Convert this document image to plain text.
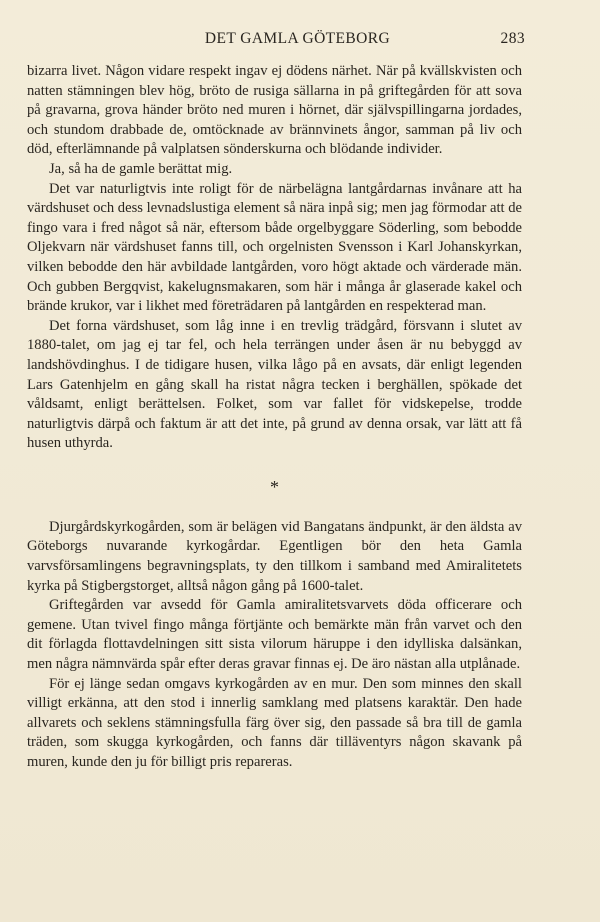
DET GAMLA GÖTEBORG	283

bizarra livet. Någon vidare respekt ingav ej dödens närhet. När på kvällskvisten och natten stämningen blev hög, bröto de rusiga sällarna in på griftegården för att sova på gravarna, grova händer bröto ned muren i hörnet, där självspillingarna jordades, och stundom drabbade de, omtöcknade av brännvinets ångor, samman på liv och död, efterlämnande på valplatsen sönderskurna och blödande individer.

Ja, så ha de gamle berättat mig.

Det var naturligtvis inte roligt för de närbelägna lantgårdarnas invånare att ha värdshuset och dess levnadslustiga element så nära inpå sig; men jag förmodar att de fingo vara i fred något så när, eftersom både orgelbyggare Söderling, som bebodde Oljekvarn när värdshuset fanns till, och orgelnisten Svensson i Karl Johanskyrkan, vilken bebodde den här avbildade lantgården, voro högt aktade och värderade män. Och gubben Bergqvist, kakelugnsmakaren, som här i många år glaserade kakel och brände krukor, var i likhet med företrädaren på lantgården en respekterad man.

Det forna värdshuset, som låg inne i en trevlig trädgård, försvann i slutet av 1880-talet, om jag ej tar fel, och hela terrängen under åsen är nu bebyggd av landshövdinghus. I de tidigare husen, vilka lågo på en avsats, där enligt legenden Lars Gatenhjelm en gång skall ha ristat några tecken i berghällen, spökade det våldsamt, enligt berättelsen. Folket, som var fallet för vidskepelse, trodde naturligtvis därpå och faktum är att det inte, på grund av denna orsak, var lätt att få husen uthyrda.

*

Djurgårdskyrkogården, som är belägen vid Bangatans ändpunkt, är den äldsta av Göteborgs nuvarande kyrkogårdar. Egentligen bör den heta Gamla varvsförsamlingens begravningsplats, ty den tillkom i samband med Amiralitetets kyrka på Stigbergstorget, alltså någon gång på 1600-talet.

Griftegården var avsedd för Gamla amiralitetsvarvets döda officerare och gemene. Utan tvivel fingo många förtjänte och bemärkte män från varvet och den dit förlagda flottavdelningen sitt sista vilorum häruppe i den idylliska dalsänkan, men några nämnvärda spår efter deras gravar finnas ej. De äro nästan alla utplånade.

För ej länge sedan omgavs kyrkogården av en mur. Den som minnes den skall villigt erkänna, att den stod i innerlig samklang med platsens karaktär. Den hade allvarets och seklens stämningsfulla färg över sig, den passade så bra till de gamla träden, som skugga kyrkogården, och fanns där tilläventyrs någon skavank på muren, kunde den ju för billigt pris repareras.
